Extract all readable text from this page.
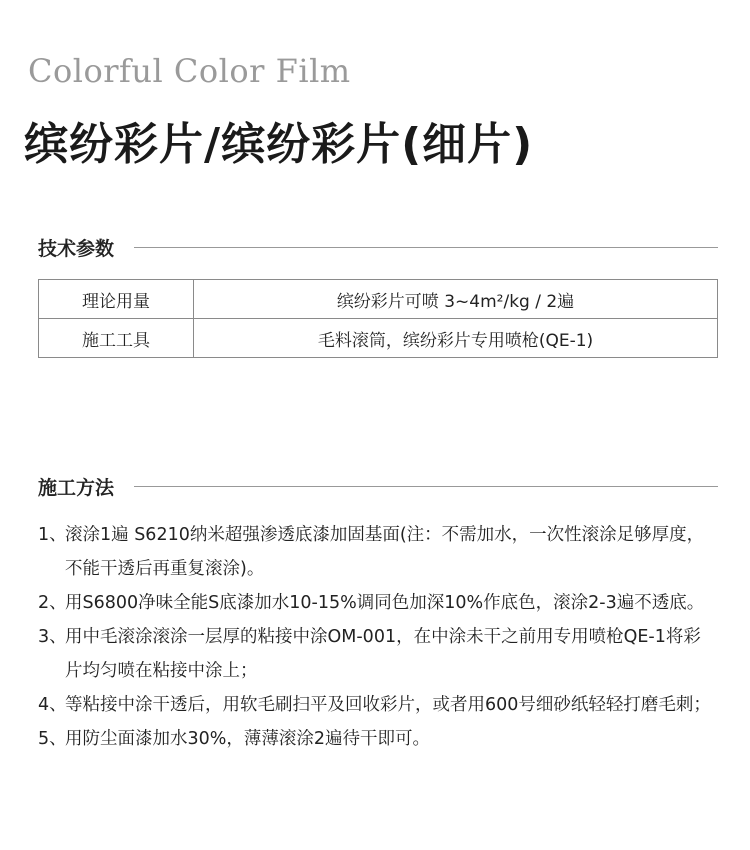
Colorful Color Film
缤纷彩片/缤纷彩片(细片)
技术参数
理论用量	缤纷彩片可喷 3~4m²/kg / 2遍
施工工具	毛料滚筒，缤纷彩片专用喷枪(QE-1)
施工方法
1、
滚涂1遍 S6210纳米超强渗透底漆加固基面(注：不需加水，一次性滚涂足够厚度，不能干透后再重复滚涂)。
2、
用S6800净味全能S底漆加水10-15%调同色加深10%作底色，滚涂2-3遍不透底。
3、
用中毛滚涂滚涂一层厚的粘接中涂OM-001，在中涂未干之前用专用喷枪QE-1将彩片均匀喷在粘接中涂上；
4、
等粘接中涂干透后，用软毛刷扫平及回收彩片，或者用600号细砂纸轻轻打磨毛刺；
5、
用防尘面漆加水30%，薄薄滚涂2遍待干即可。
